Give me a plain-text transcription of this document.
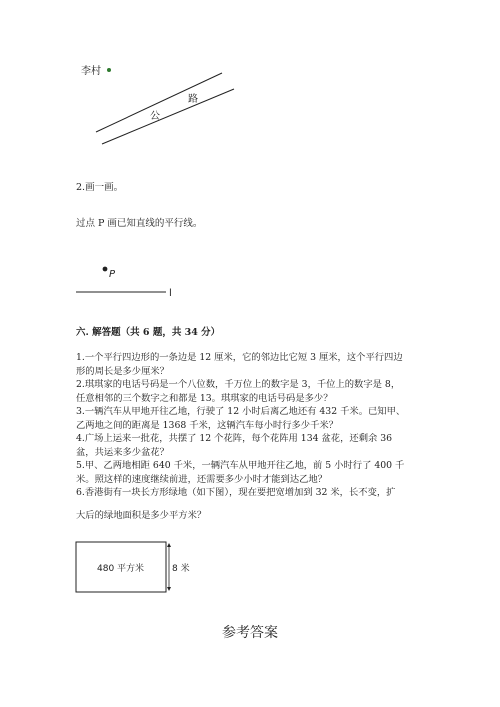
李村
公
路
2.画一画。
过点 P 画已知直线的平行线。
P
l
六. 解答题（共 6 题，共 34 分）
1.一个平行四边形的一条边是 12 厘米，它的邻边比它短 3 厘米，这个平行四边
形的周长是多少厘米？
2.琪琪家的电话号码是一个八位数，千万位上的数字是 3，千位上的数字是 8，
任意相邻的三个数字之和都是 13。琪琪家的电话号码是多少？
3.一辆汽车从甲地开往乙地，行驶了 12 小时后离乙地还有 432 千米。已知甲、
乙两地之间的距离是 1368 千米，这辆汽车每小时行多少千米？
4.广场上运来一批花，共摆了 12 个花阵，每个花阵用 134 盆花，还剩余 36
盆，共运来多少盆花？
5.甲、乙两地相距 640 千米，一辆汽车从甲地开往乙地，前 5 小时行了 400 千
米。照这样的速度继续前进，还需要多少小时才能到达乙地？
6.香港街有一块长方形绿地（如下图），现在要把宽增加到 32 米，长不变，扩
大后的绿地面积是多少平方米？
480 平方米	8 米
参考答案
